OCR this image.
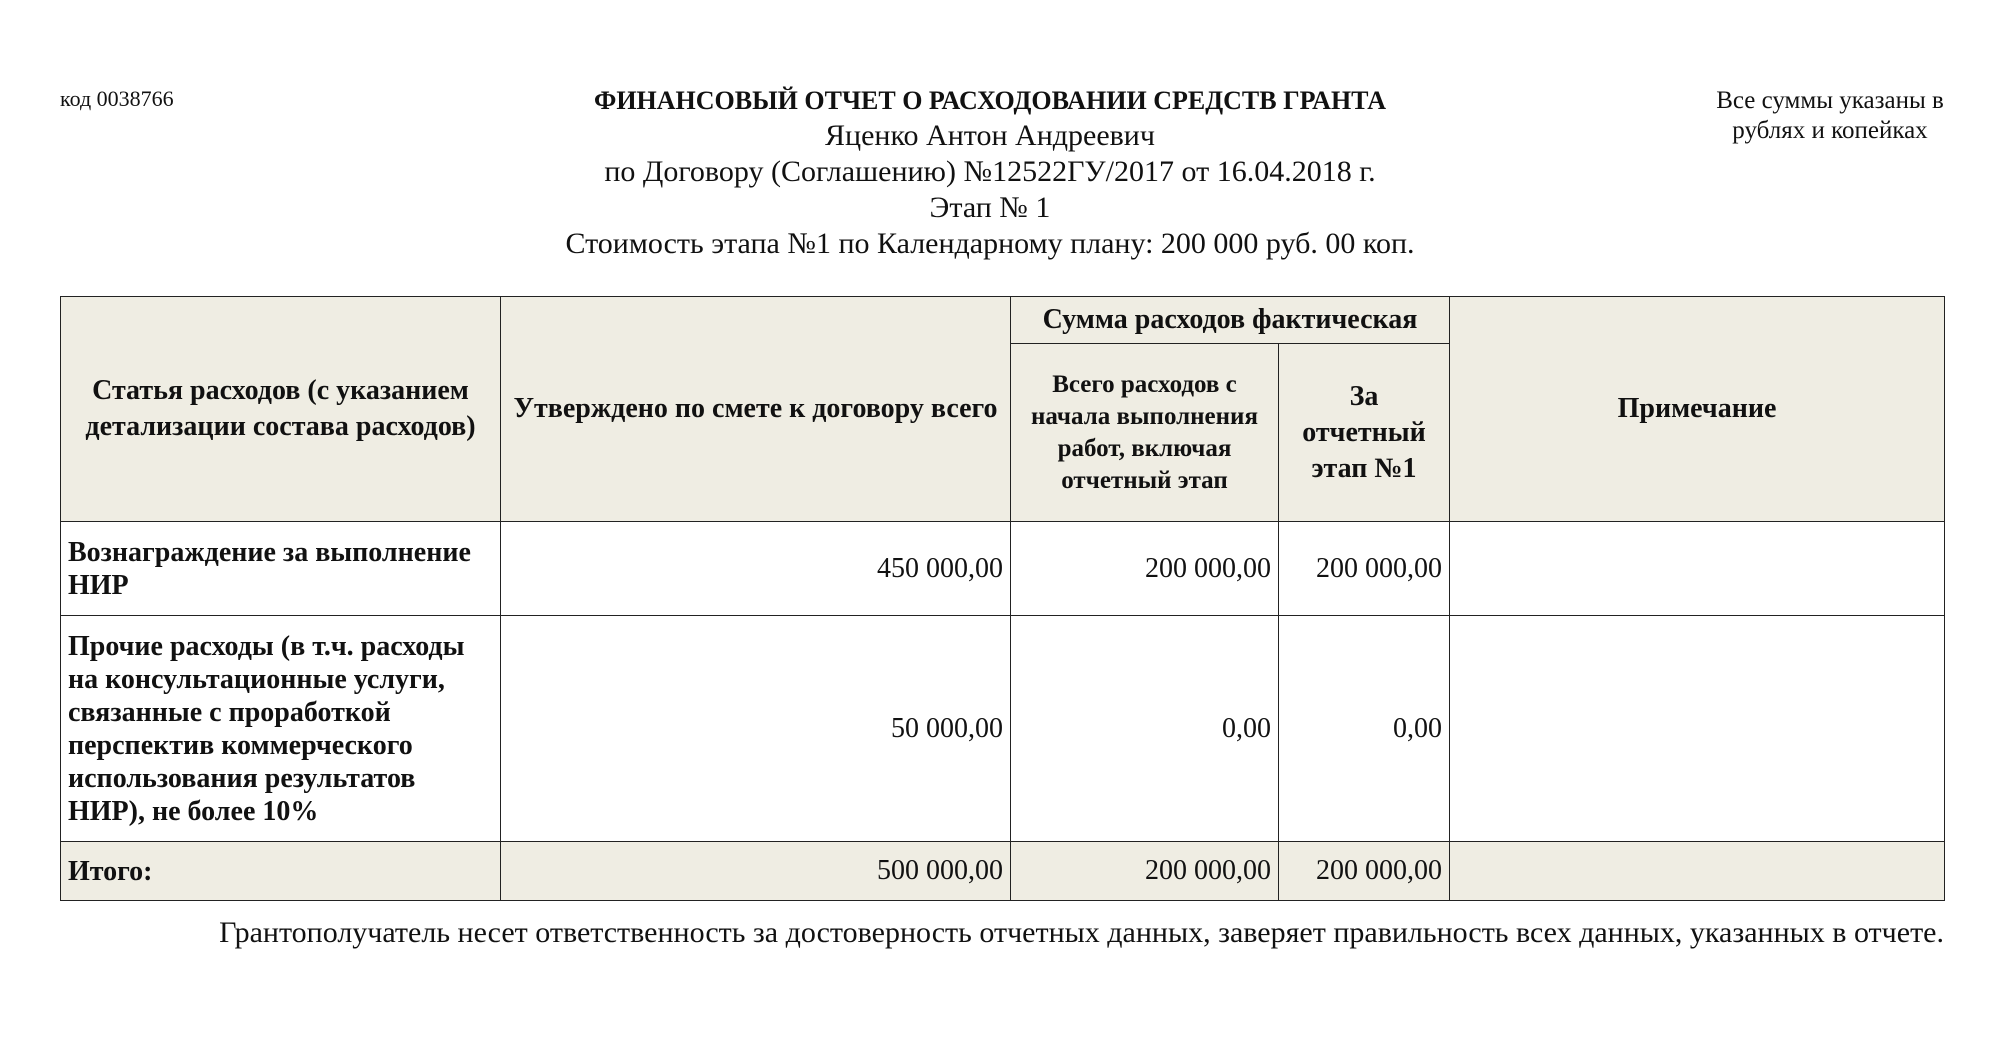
код 0038766	ФИНАНСОВЫЙ ОТЧЕТ О РАСХОДОВАНИИ СРЕДСТВ ГРАНТА
Яценко Антон Андреевич
по Договору (Соглашению) №12522ГУ/2017 от 16.04.2018 г.
Этап № 1
Стоимость этапа №1 по Календарному плану: 200 000 руб. 00 коп.
Все суммы указаны в рублях и копейках
Статья расходов (с указанием детализации состава расходов)	Утверждено по смете к договору всего	Сумма расходов фактическая		Примечание
		Всего расходов с начала выполнения работ, включая отчетный этап	За отчетный этап №1	
Вознаграждение за выполнение НИР	450 000,00	200 000,00	200 000,00	
Прочие расходы (в т.ч. расходы на консультационные услуги, связанные с проработкой перспектив коммерческого использования результатов НИР), не более 10%	50 000,00	0,00	0,00	
Итого:	500 000,00	200 000,00	200 000,00	
Грантополучатель несет ответственность за достоверность отчетных данных, заверяет правильность всех данных, указанных в отчете.
